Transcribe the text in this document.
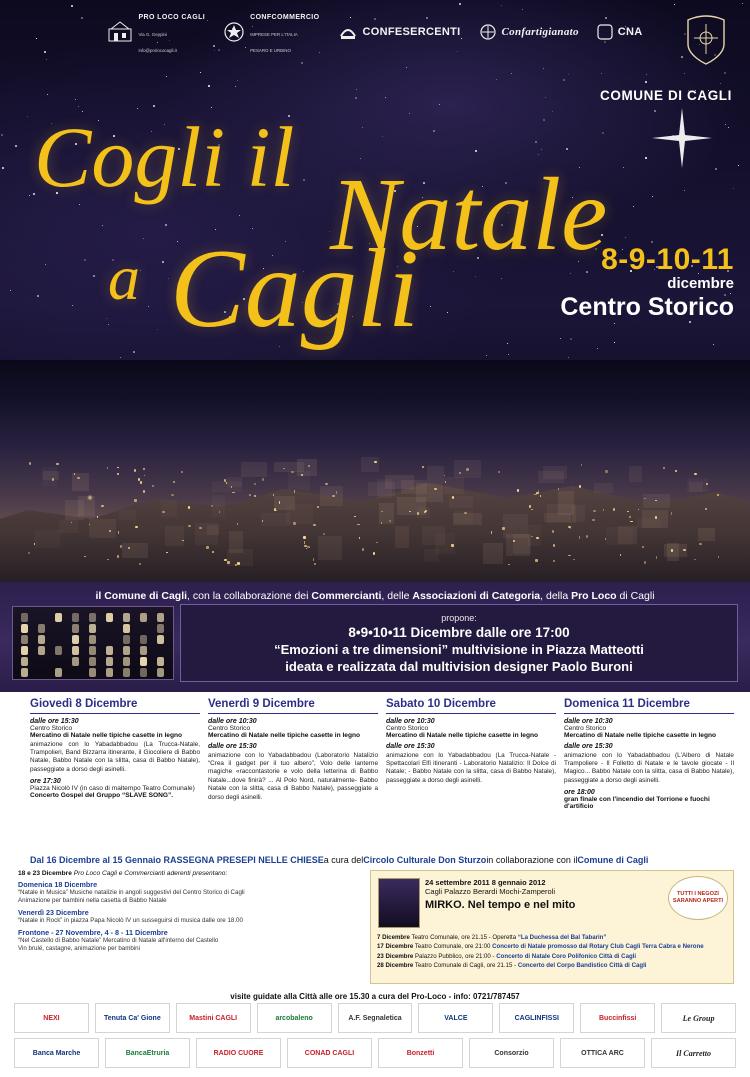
PRO LOCO CAGLI
Via G. Geppini
info@prolococagli.it
CONFCOMMERCIO
IMPRESE PER L'ITALIA
PESARO E URBINO
CONFESERCENTI	Confartigianato	CNA
COMUNE DI CAGLI
Cogli il Natale
a Cagli	8-9-10-11
dicembre
Centro Storico
il Comune di Cagli, con la collaborazione dei Commercianti, delle Associazioni di Categoria, della Pro Loco di Cagli
propone:
8•9•10•11 Dicembre dalle ore 17:00
“Emozioni a tre dimensioni” multivisione in Piazza Matteotti
ideata e realizzata dal multivision designer Paolo Buroni
Giovedì 8 Dicembre
dalle ore 15:30
Centro Storico
Mercatino di Natale nelle tipiche casette in legno

animazione con lo Yabadabbadou (La Trucca-Natale, Trampolieri, Band Bizzarra itinerante, il Giocoliere di Babbo Natale, Babbo Natale con la slitta, casa di Babbo Natale), passeggiate a dorso degli asinelli.

ore 17:30
Piazza Nicolò IV (in caso di maltempo Teatro Comunale)
Concerto Gospel del Gruppo “SLAVE SONG”.
Venerdì 9 Dicembre
dalle ore 10:30
Centro Storico
Mercatino di Natale nelle tipiche casette in legno
dalle ore 15:30

animazione con lo Yabadabbadou (Laboratorio Natalizio “Crea il gadget per il tuo albero”, Volo delle lanterne magiche «raccontastorie e volo della letterina di Babbo Natale...dove finirà? ... Al Polo Nord, naturalmente- Babbo Natale con la slitta, casa di Babbo Natale), passeggiate a dorso degli asinelli.

Sabato 10 Dicembre
dalle ore 10:30
Centro Storico
Mercatino di Natale nelle tipiche casette in legno
dalle ore 15:30

animazione con lo Yabadabbadou (La Trucca-Natale - Spettacolari Elfi itineranti - Laboratorio Natalizio: Il Dolce di Natale; - Babbo Natale con la slitta, casa di Babbo Natale), passeggiate a dorso degli asinelli.

Domenica 11 Dicembre
dalle ore 10:30
Centro Storico
Mercatino di Natale nelle tipiche casette in legno
dalle ore 15:30

animazione con lo Yabadabbadou (L'Albero di Natale Trampoliere - Il Folletto di Natale e le tavole giocate - Il Magico... Babbo Natale con la slitta, casa di Babbo Natale), passeggiate a dorso degli asinelli.

ore 18:00
gran finale con l'incendio del Torrione e fuochi d'artificio
Dal 16 Dicembre al 15 Gennaio RASSEGNA PRESEPI NELLE CHIESE a cura del Circolo Culturale Don Sturzo in collaborazione con il Comune di Cagli
18 e 23 Dicembre Pro Loco Cagli e Commercianti aderenti presentano:
Domenica 18 Dicembre
“Natale in Musica” Musiche natalizie in angoli suggestivi del Centro Storico di Cagli
Animazione per bambini nella casetta di Babbo Natale
Venerdì 23 Dicembre
“Natale in Rock” in piazza Papa Nicolò IV un susseguirsi di musica dalle ore 18.00
Frontone - 27 Novembre, 4 - 8 - 11 Dicembre
“Nel Castello di Babbo Natale” Mercatino di Natale all'interno del Castello
Vin brulé, castagne, animazione per bambini
24 settembre 2011 8 gennaio 2012
Cagli Palazzo Berardi Mochi-Zamperoli
MIRKO. Nel tempo e nel mito
TUTTI I NEGOZI SARANNO APERTI
7 Dicembre Teatro Comunale, ore 21.15 - Operetta “La Duchessa del Bal Tabarin”
17 Dicembre Teatro Comunale, ore 21:00 Concerto di Natale promosso dal Rotary Club Cagli Terra Cabra e Nerone
23 Dicembre Palazzo Pubblico, ore 21:00 - Concerto di Natale Coro Polifonico Città di Cagli
28 Dicembre Teatro Comunale di Cagli, ore 21.15 - Concerto del Corpo Bandistico Città di Cagli
visite guidate alla Città alle ore 15.30 a cura del Pro-Loco - info: 0721/787457
NEXI	Tenuta Ca' Gione	Mastini CAGLI	arcobaleno	A.F. Segnaletica	VALCE	CAGLINFISSI	Buccinfissi	Le Group
Banca Marche	BancaEtruria	RADIO CUORE	CONAD CAGLI	Bonzetti	Consorzio	OTTICA ARC	Il Carretto
